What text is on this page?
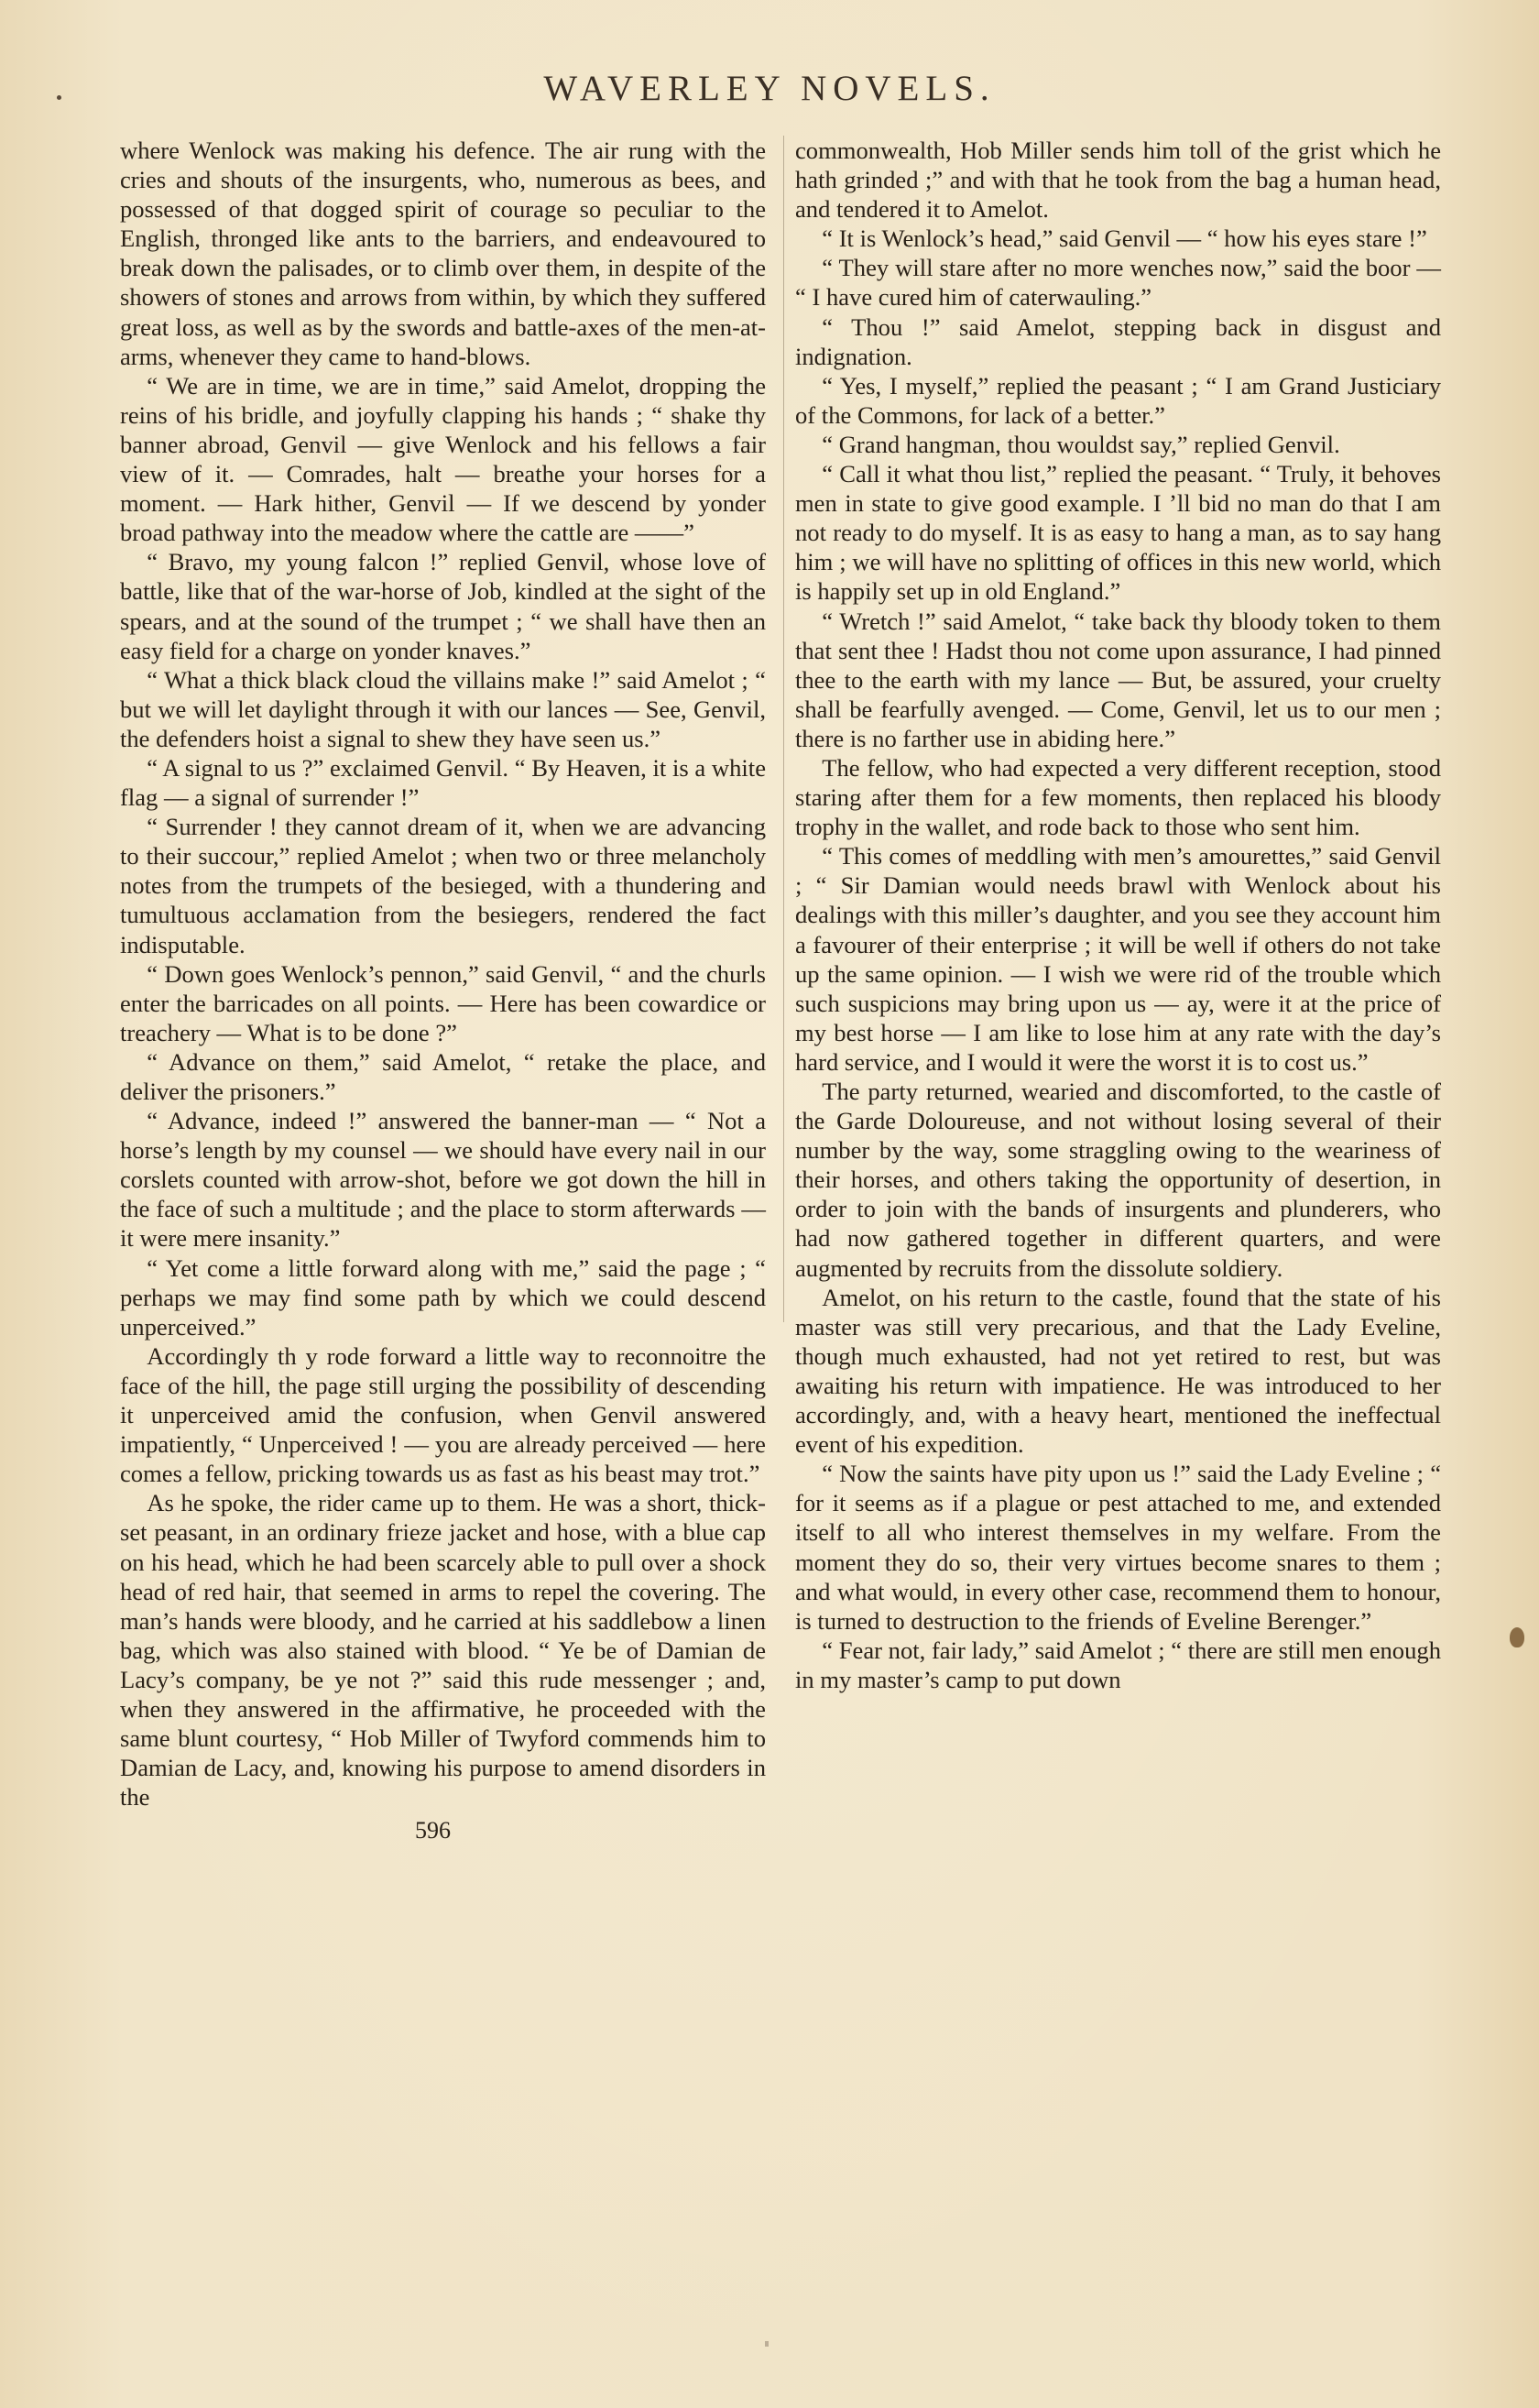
WAVERLEY NOVELS.

where Wenlock was making his defence. The air rung with the cries and shouts of the insurgents, who, numerous as bees, and possessed of that dogged spirit of courage so peculiar to the English, thronged like ants to the barriers, and endeavoured to break down the palisades, or to climb over them, in despite of the showers of stones and arrows from within, by which they suffered great loss, as well as by the swords and battle-axes of the men-at-arms, whenever they came to hand-blows.

“ We are in time, we are in time,” said Amelot, dropping the reins of his bridle, and joyfully clapping his hands ; “ shake thy banner abroad, Genvil — give Wenlock and his fellows a fair view of it. — Comrades, halt — breathe your horses for a moment. — Hark hither, Genvil — If we descend by yonder broad pathway into the meadow where the cattle are ——”

“ Bravo, my young falcon !” replied Genvil, whose love of battle, like that of the war-horse of Job, kindled at the sight of the spears, and at the sound of the trumpet ; “ we shall have then an easy field for a charge on yonder knaves.”

“ What a thick black cloud the villains make !” said Amelot ; “ but we will let daylight through it with our lances — See, Genvil, the defenders hoist a signal to shew they have seen us.”

“ A signal to us ?” exclaimed Genvil. “ By Heaven, it is a white flag — a signal of surrender !”

“ Surrender ! they cannot dream of it, when we are advancing to their succour,” replied Amelot ; when two or three melancholy notes from the trumpets of the besieged, with a thundering and tumultuous acclamation from the besiegers, rendered the fact indisputable.

“ Down goes Wenlock’s pennon,” said Genvil, “ and the churls enter the barricades on all points. — Here has been cowardice or treachery — What is to be done ?”

“ Advance on them,” said Amelot, “ retake the place, and deliver the prisoners.”

“ Advance, indeed !” answered the banner-man — “ Not a horse’s length by my counsel — we should have every nail in our corslets counted with arrow-shot, before we got down the hill in the face of such a multitude ; and the place to storm afterwards — it were mere insanity.”

“ Yet come a little forward along with me,” said the page ; “ perhaps we may find some path by which we could descend unperceived.”

Accordingly th y rode forward a little way to reconnoitre the face of the hill, the page still urging the possibility of descending it unperceived amid the confusion, when Genvil answered impatiently, “ Unperceived ! — you are already perceived — here comes a fellow, pricking towards us as fast as his beast may trot.”

As he spoke, the rider came up to them. He was a short, thick-set peasant, in an ordinary frieze jacket and hose, with a blue cap on his head, which he had been scarcely able to pull over a shock head of red hair, that seemed in arms to repel the covering. The man’s hands were bloody, and he carried at his saddlebow a linen bag, which was also stained with blood. “ Ye be of Damian de Lacy’s company, be ye not ?” said this rude messenger ; and, when they answered in the affirmative, he proceeded with the same blunt courtesy, “ Hob Miller of Twyford commends him to Damian de Lacy, and, knowing his purpose to amend disorders in the

commonwealth, Hob Miller sends him toll of the grist which he hath grinded ;” and with that he took from the bag a human head, and tendered it to Amelot.

“ It is Wenlock’s head,” said Genvil — “ how his eyes stare !”

“ They will stare after no more wenches now,” said the boor — “ I have cured him of caterwauling.”

“ Thou !” said Amelot, stepping back in disgust and indignation.

“ Yes, I myself,” replied the peasant ; “ I am Grand Justiciary of the Commons, for lack of a better.”

“ Grand hangman, thou wouldst say,” replied Genvil.

“ Call it what thou list,” replied the peasant. “ Truly, it behoves men in state to give good example. I ’ll bid no man do that I am not ready to do myself. It is as easy to hang a man, as to say hang him ; we will have no splitting of offices in this new world, which is happily set up in old England.”

“ Wretch !” said Amelot, “ take back thy bloody token to them that sent thee ! Hadst thou not come upon assurance, I had pinned thee to the earth with my lance — But, be assured, your cruelty shall be fearfully avenged. — Come, Genvil, let us to our men ; there is no farther use in abiding here.”

The fellow, who had expected a very different reception, stood staring after them for a few moments, then replaced his bloody trophy in the wallet, and rode back to those who sent him.

“ This comes of meddling with men’s amourettes,” said Genvil ; “ Sir Damian would needs brawl with Wenlock about his dealings with this miller’s daughter, and you see they account him a favourer of their enterprise ; it will be well if others do not take up the same opinion. — I wish we were rid of the trouble which such suspicions may bring upon us — ay, were it at the price of my best horse — I am like to lose him at any rate with the day’s hard service, and I would it were the worst it is to cost us.”

The party returned, wearied and discomforted, to the castle of the Garde Doloureuse, and not without losing several of their number by the way, some straggling owing to the weariness of their horses, and others taking the opportunity of desertion, in order to join with the bands of insurgents and plunderers, who had now gathered together in different quarters, and were augmented by recruits from the dissolute soldiery.

Amelot, on his return to the castle, found that the state of his master was still very precarious, and that the Lady Eveline, though much exhausted, had not yet retired to rest, but was awaiting his return with impatience. He was introduced to her accordingly, and, with a heavy heart, mentioned the ineffectual event of his expedition.

“ Now the saints have pity upon us !” said the Lady Eveline ; “ for it seems as if a plague or pest attached to me, and extended itself to all who interest themselves in my welfare. From the moment they do so, their very virtues become snares to them ; and what would, in every other case, recommend them to honour, is turned to destruction to the friends of Eveline Berenger.”

“ Fear not, fair lady,” said Amelot ; “ there are still men enough in my master’s camp to put down

596
